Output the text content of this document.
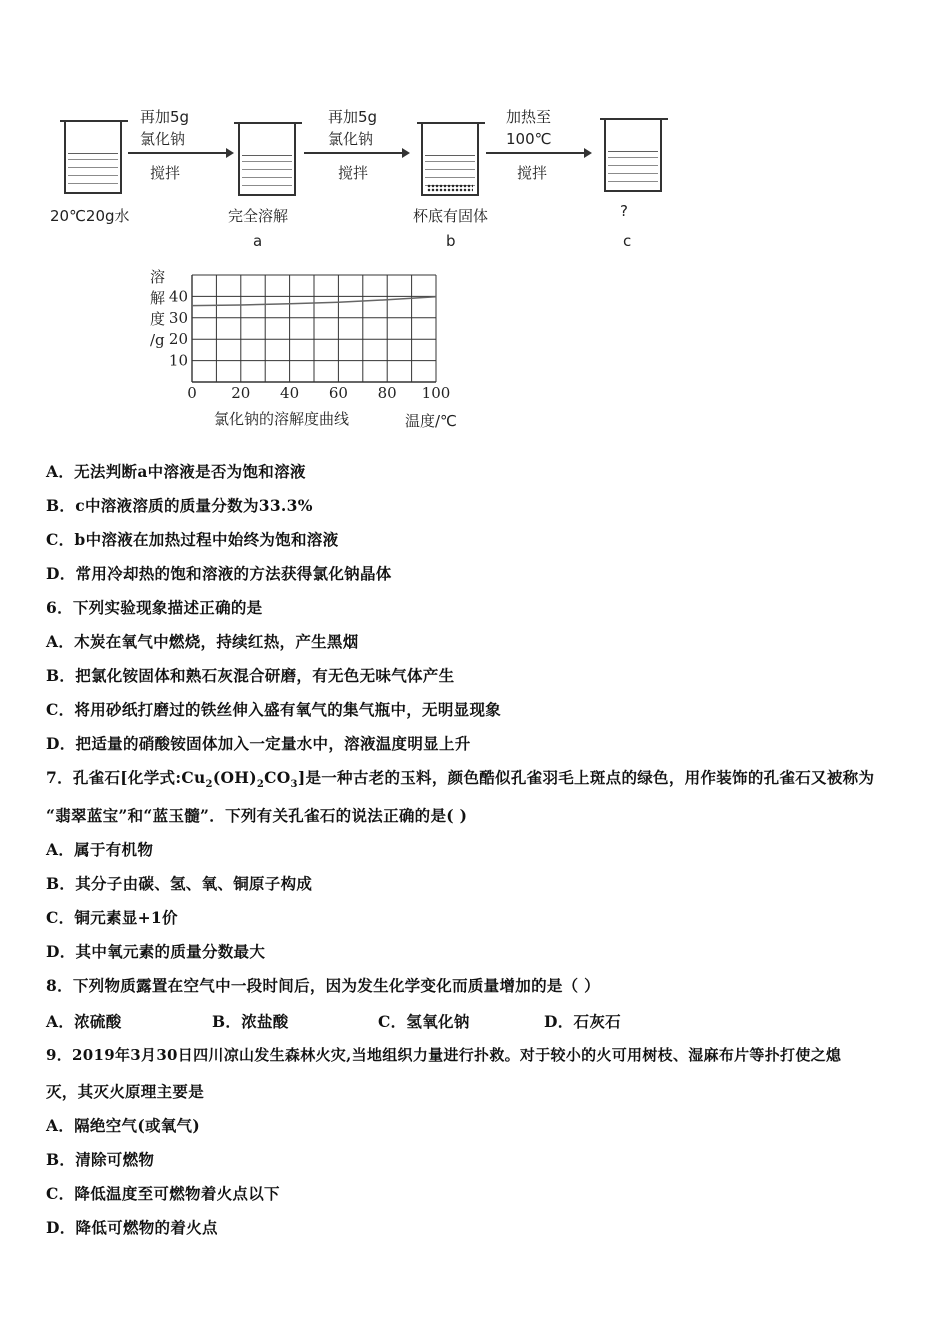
20℃20g水
再加5g
氯化钠
搅拌
完全溶解
a
再加5g
氯化钠
搅拌
杯底有固体
b
加热至
100℃
搅拌
?
c
溶
解
度
/g
10
20
30
40
0 20 40 60 80 100
氯化钠的溶解度曲线	温度/℃
A．无法判断a中溶液是否为饱和溶液
B．c中溶液溶质的质量分数为33.3%
C．b中溶液在加热过程中始终为饱和溶液
D．常用冷却热的饱和溶液的方法获得氯化钠晶体
6．下列实验现象描述正确的是
A．木炭在氧气中燃烧，持续红热，产生黑烟
B．把氯化铵固体和熟石灰混合研磨，有无色无味气体产生
C．将用砂纸打磨过的铁丝伸入盛有氧气的集气瓶中，无明显现象
D．把适量的硝酸铵固体加入一定量水中，溶液温度明显上升
7．孔雀石[化学式$:Cu_2(OH)_2CO_3$]是一种古老的玉料，颜色酷似孔雀羽毛上斑点的绿色，用作装饰的孔雀石又被称为
“翡翠蓝宝”和“蓝玉髓”．下列有关孔雀石的说法正确的是( )
A．属于有机物
B．其分子由碳、氢、氧、铜原子构成
C．铜元素显+1价
D．其中氧元素的质量分数最大
8．下列物质露置在空气中一段时间后，因为发生化学变化而质量增加的是（ ）
A．浓硫酸	B．浓盐酸	C．氢氧化钠	D．石灰石
9．2019年3月30日四川凉山发生森林火灾,当地组织力量进行扑救。对于较小的火可用树枝、湿麻布片等扑打使之熄
灭，其灭火原理主要是
A．隔绝空气(或氧气)
B．清除可燃物
C．降低温度至可燃物着火点以下
D．降低可燃物的着火点
